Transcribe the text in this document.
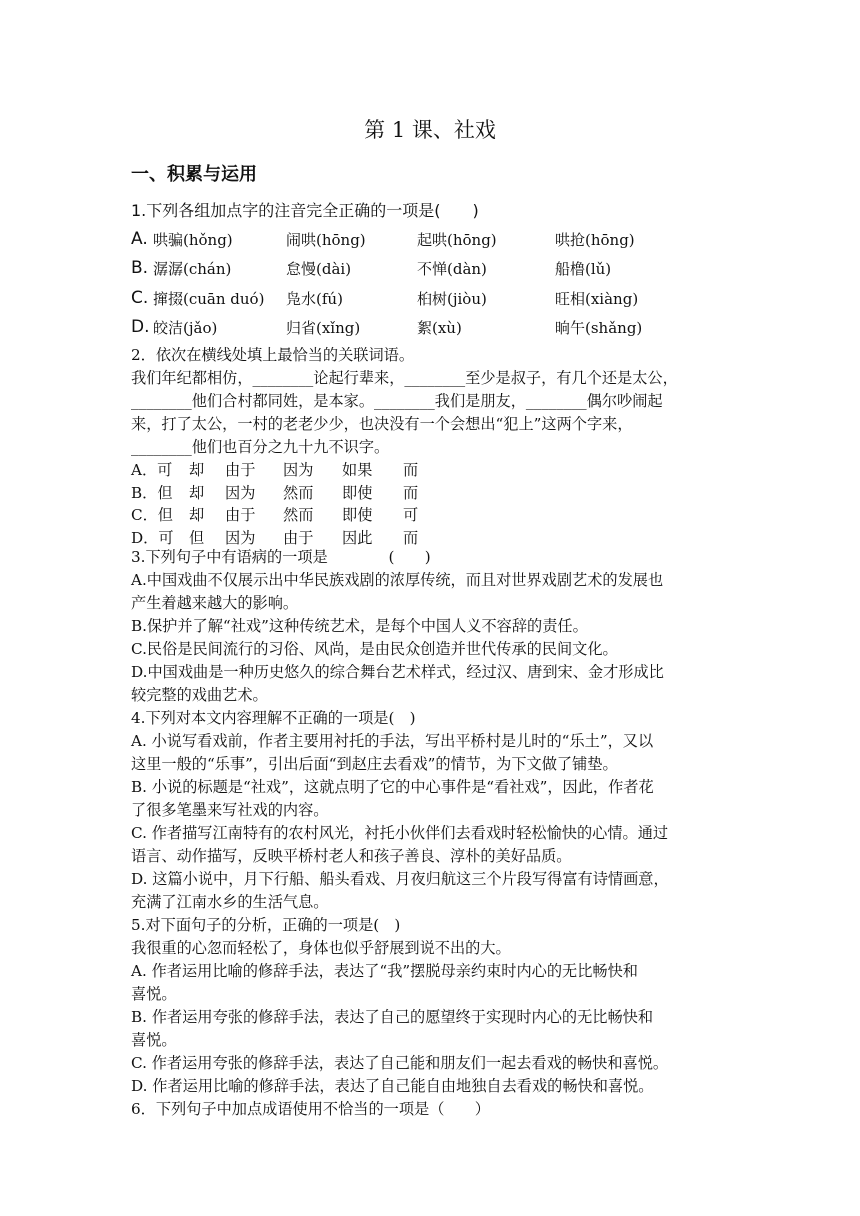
第 1 课、社戏
一、积累与运用
1.下列各组加点字的注音完全正确的一项是(　　)
A. 哄骗(hǒng)	闹哄(hōng)	起哄(hōng)	哄抢(hōng)
B. 潺潺(chán)	怠慢(dài)	不惮(dàn)	船橹(lǔ)
C. 撺掇(cuān duó) 凫水(fú)	桕树(jiòu)	旺相(xiàng)
D. 皎洁(jǎo)	归省(xǐng)	絮(xù)	晌午(shǎng)

2．依次在横线处填上最恰当的关联词语。

我们年纪都相仿，________论起行辈来，________至少是叔子，有几个还是太公，

________他们合村都同姓，是本家。________我们是朋友，________偶尔吵闹起

来，打了太公，一村的老老少少，也决没有一个会想出“犯上”这两个字来，

________他们也百分之九十九不识字。

A．可 却 由于 因为 如果 而
B．但 却 因为 然而 即使 而
C．但 却 由于 然而 即使 可
D．可 但 因为 由于 因此 而

3.下列句子中有语病的一项是　　　　(　　)

A.中国戏曲不仅展示出中华民族戏剧的浓厚传统，而且对世界戏剧艺术的发展也

产生着越来越大的影响。

B.保护并了解“社戏”这种传统艺术，是每个中国人义不容辞的责任。

C.民俗是民间流行的习俗、风尚，是由民众创造并世代传承的民间文化。

D.中国戏曲是一种历史悠久的综合舞台艺术样式，经过汉、唐到宋、金才形成比

较完整的戏曲艺术。

4.下列对本文内容理解不正确的一项是(　)

A. 小说写看戏前，作者主要用衬托的手法，写出平桥村是儿时的“乐土”，又以

这里一般的“乐事”，引出后面“到赵庄去看戏”的情节，为下文做了铺垫。

B. 小说的标题是“社戏”，这就点明了它的中心事件是“看社戏”，因此，作者花

了很多笔墨来写社戏的内容。

C. 作者描写江南特有的农村风光，衬托小伙伴们去看戏时轻松愉快的心情。通过

语言、动作描写，反映平桥村老人和孩子善良、淳朴的美好品质。

D. 这篇小说中，月下行船、船头看戏、月夜归航这三个片段写得富有诗情画意，

充满了江南水乡的生活气息。

5.对下面句子的分析，正确的一项是(　)

我很重的心忽而轻松了，身体也似乎舒展到说不出的大。

A. 作者运用比喻的修辞手法，表达了“我”摆脱母亲约束时内心的无比畅快和

喜悦。

B. 作者运用夸张的修辞手法，表达了自己的愿望终于实现时内心的无比畅快和

喜悦。

C. 作者运用夸张的修辞手法，表达了自己能和朋友们一起去看戏的畅快和喜悦。

D. 作者运用比喻的修辞手法，表达了自己能自由地独自去看戏的畅快和喜悦。

6．下列句子中加点成语使用不恰当的一项是（　　）
